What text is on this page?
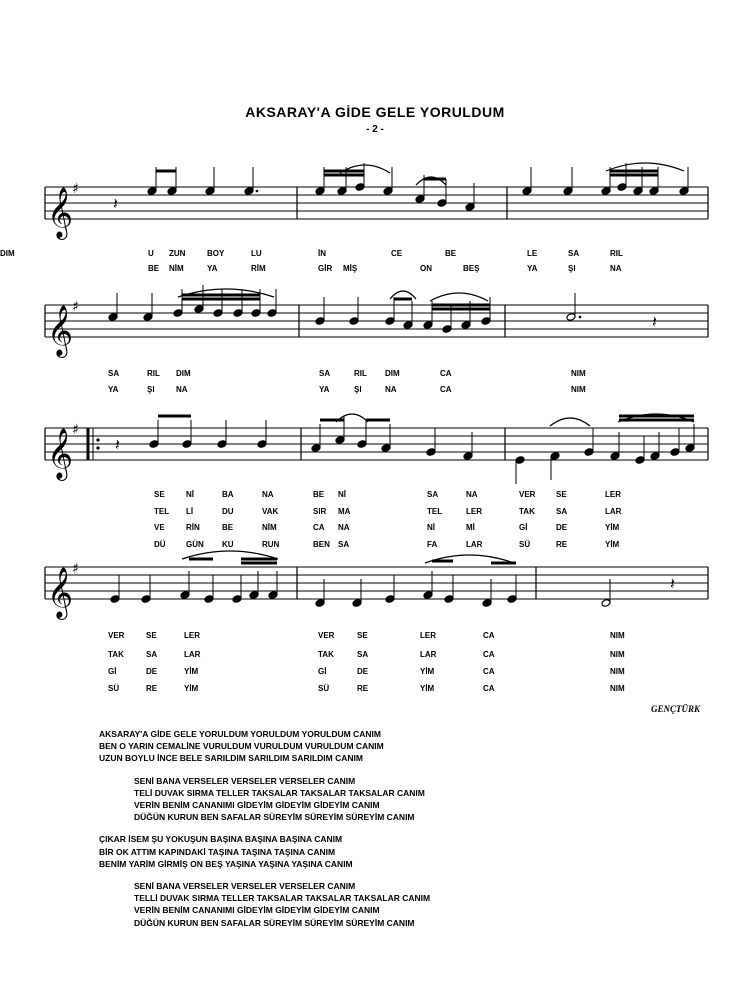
AKSARAY'A GİDE GELE YORULDUM
- 2 -
𝄞
♯
𝄞
♯
𝄞
♯
𝄞
♯
𝄽
𝄽
𝄽
𝄽
U ZUN	BOY	LU	İN	CE	BE	LE	SA	RIL
DIM
BE NİM	YA	RİM	GİR MİŞ	ON	BEŞ	YA	ŞI	NA
SA	RIL DIM	SA	RIL DIM	CA	NIM
YA	ŞI	NA	YA	ŞI	NA	CA	NIM
SE	Nİ	BA	NA	BE Nİ	SA	NA	VER	SE	LER
TEL Lİ	DU	VAK	SIR MA	TEL	LER	TAK	SA	LAR
VE	RİN	BE	NİM	CA NA	Nİ	Mİ	Gİ	DE	YİM
DÜ	GÜN KU	RUN	BEN SA	FA	LAR	SÜ	RE	YİM
VER	SE	LER	VER	SE	LER	CA	NIM
TAK	SA	LAR	TAK	SA	LAR	CA	NIM
Gİ	DE	YİM	Gİ	DE	YİM	CA	NIM
SÜ	RE	YİM	SÜ	RE	YİM	CA	NIM
GENÇTÜRK
AKSARAY'A GİDE GELE YORULDUM YORULDUM YORULDUM CANIM
BEN O YARIN CEMALİNE VURULDUM VURULDUM VURULDUM CANIM
UZUN BOYLU İNCE BELE SARILDIM SARILDIM SARILDIM CANIM
SENİ BANA VERSELER VERSELER VERSELER CANIM
TELİ DUVAK SIRMA TELLER TAKSALAR TAKSALAR TAKSALAR CANIM
VERİN BENİM CANANIMI GİDEYİM GİDEYİM GİDEYİM CANIM
DÜĞÜN KURUN BEN SAFALAR SÜREYİM SÜREYİM SÜREYİM CANIM
ÇIKAR İSEM ŞU YOKUŞUN BAŞINA BAŞINA BAŞINA CANIM
BİR OK ATTIM KAPINDAKİ TAŞINA TAŞINA TAŞINA CANIM
BENİM YARİM GİRMİŞ ON BEŞ YAŞINA YAŞINA YAŞINA CANIM
SENİ BANA VERSELER VERSELER VERSELER CANIM
TELLİ DUVAK SIRMA TELLER TAKSALAR TAKSALAR TAKSALAR CANIM
VERİN BENİM CANANIMI GİDEYİM GİDEYİM GİDEYİM CANIM
DÜĞÜN KURUN BEN SAFALAR SÜREYİM SÜREYİM SÜREYİM CANIM
